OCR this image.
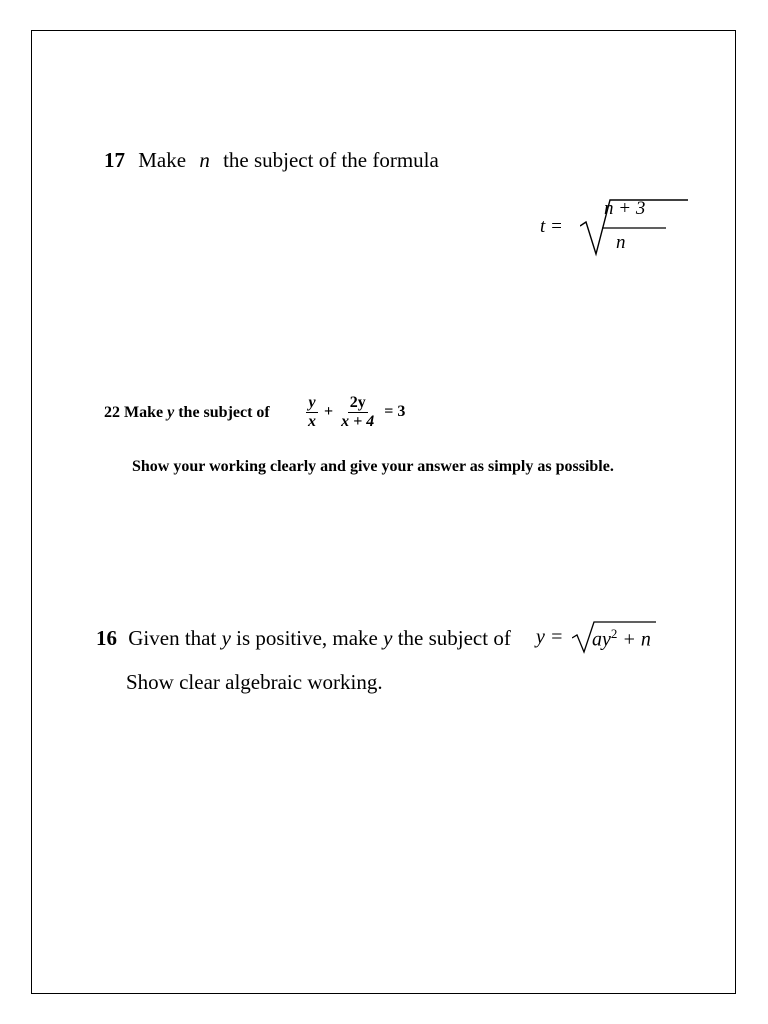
17 Make n the subject of the formula
t =
n + 3
n
22 Make y the subject of $\frac{y}{x} + \frac{2y}{x + 4} = 3$
Show your working clearly and give your answer as simply as possible.
16 Given that y is positive, make y the subject of $y = ay^2 + n$
Show clear algebraic working.
